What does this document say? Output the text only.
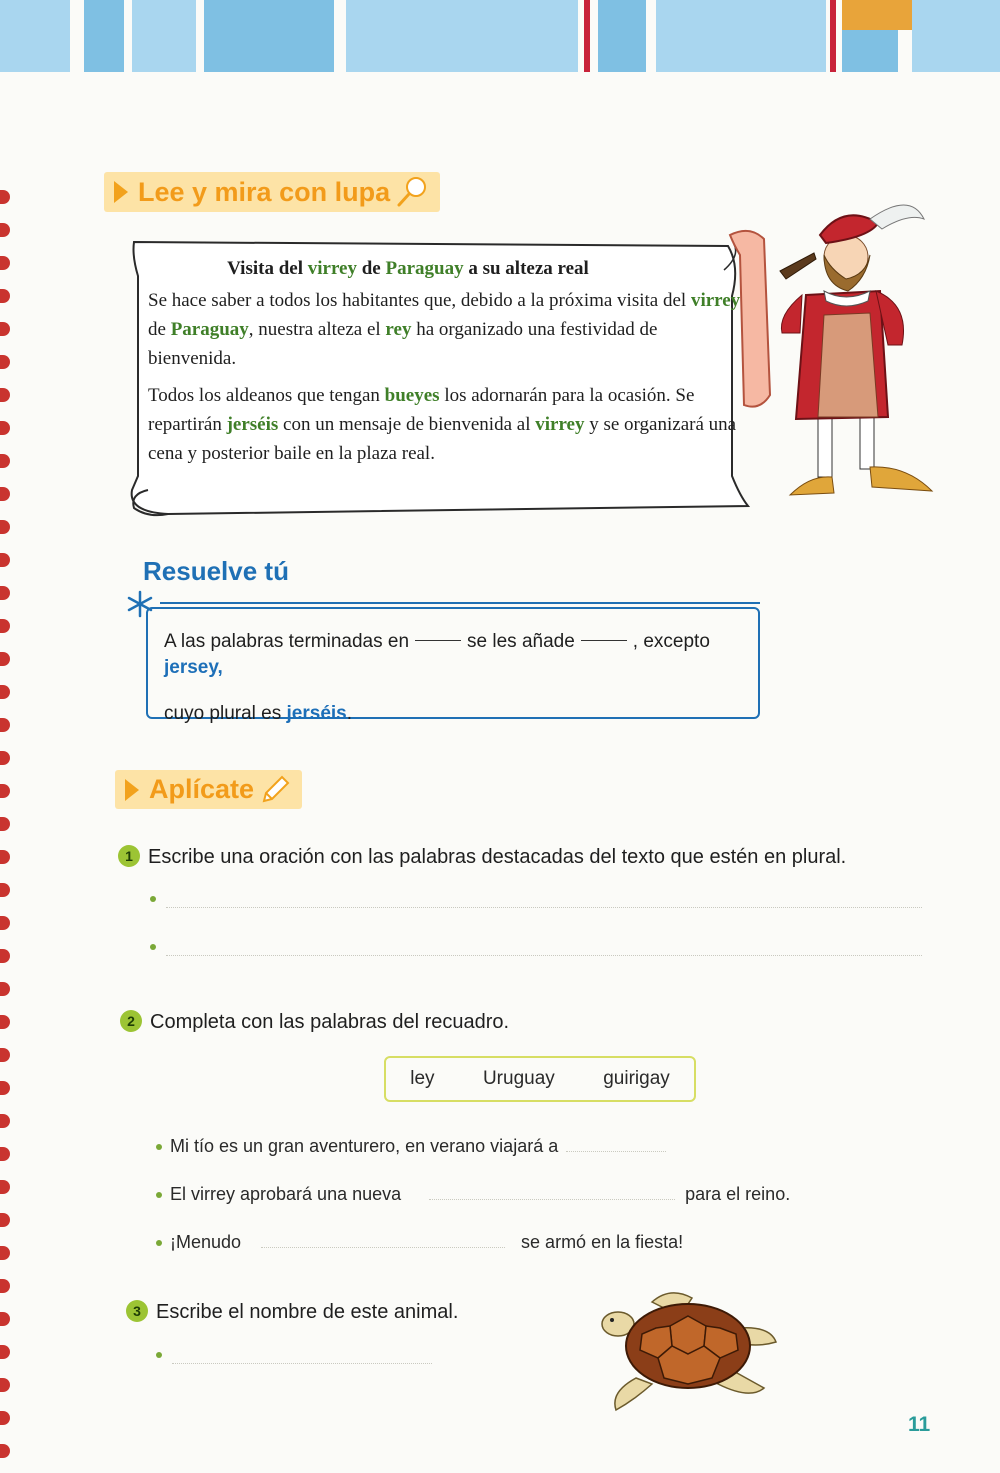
Lee y mira con lupa
Visita del virrey de Paraguay a su alteza real

Se hace saber a todos los habitantes que, debido a la próxima visita del virrey de Paraguay, nuestra alteza el rey ha organizado una festividad de bienvenida.

Todos los aldeanos que tengan bueyes los adornarán para la ocasión. Se repartirán jerséis con un mensaje de bienvenida al virrey y se organizará una cena y posterior baile en la plaza real.

Resuelve tú
A las palabras terminadas en	se les añade	, excepto jersey,
cuyo plural es jerséis.
Aplícate
1 Escribe una oración con las palabras destacadas del texto que estén en plural.
2 Completa con las palabras del recuadro.
ley	Uruguay	guirigay
Mi tío es un gran aventurero, en verano viajará a
El virrey aprobará una nueva	para el reino.
¡Menudo	se armó en la fiesta!
3 Escribe el nombre de este animal.
11
